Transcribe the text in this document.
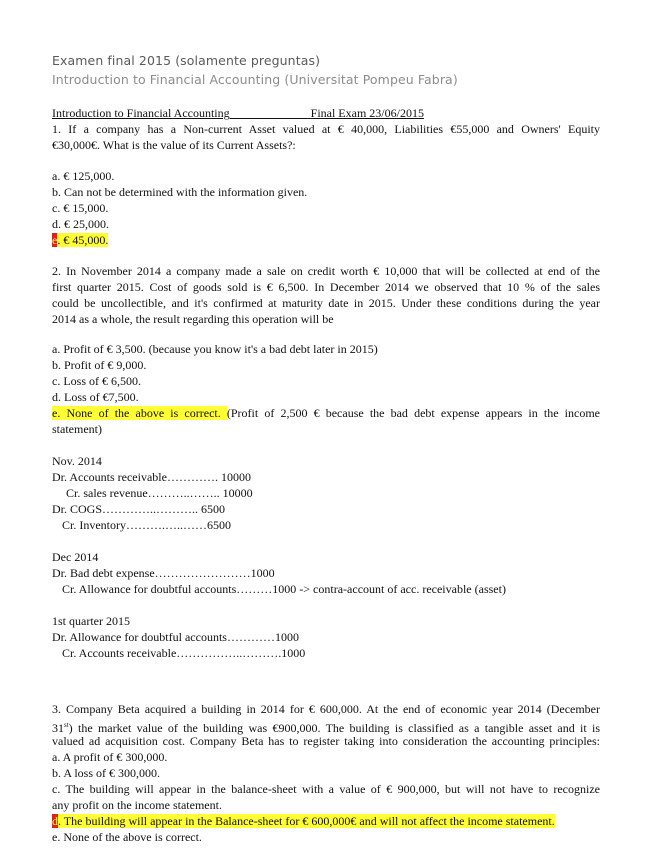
Examen final 2015 (solamente preguntas)
Introduction to Financial Accounting (Universitat Pompeu Fabra)
Introduction to Financial Accounting _______ _____ Final Exam 23/06/2015
1. If a company has a Non-current Asset valued at € 40,000, Liabilities €55,000 and Owners' Equity
€30,000€. What is the value of its Current Assets?:
a. € 125,000.
b. Can not be determined with the information given.
c. € 15,000.
d. € 25,000.
e. € 45,000.
2. In November 2014 a company made a sale on credit worth € 10,000 that will be collected at end of the
first quarter 2015. Cost of goods sold is € 6,500. In December 2014 we observed that 10 % of the sales
could be uncollectible, and it's confirmed at maturity date in 2015. Under these conditions during the year
2014 as a whole, the result regarding this operation will be
a. Profit of € 3,500. (because you know it's a bad debt later in 2015)
b. Profit of € 9,000.
c. Loss of € 6,500.
d. Loss of €7,500.
e. None of the above is correct. (Profit of 2,500 € because the bad debt expense appears in the income
statement)
Nov. 2014
Dr. Accounts receivable…………. 10000
Cr. sales revenue………..…….. 10000
Dr. COGS…………..……….. 6500
Cr. Inventory……….…..……6500
Dec 2014
Dr. Bad debt expense……………………1000
Cr. Allowance for doubtful accounts………1000 -> contra-account of acc. receivable (asset)
1st quarter 2015
Dr. Allowance for doubtful accounts…………1000
Cr. Accounts receivable……………..……….1000
3. Company Beta acquired a building in 2014 for € 600,000. At the end of economic year 2014 (December
31st) the market value of the building was €900,000. The building is classified as a tangible asset and it is
valued ad acquisition cost. Company Beta has to register taking into consideration the accounting principles:
a. A profit of € 300,000.
b. A loss of € 300,000.
c. The building will appear in the balance-sheet with a value of € 900,000, but will not have to recognize
any profit on the income statement.
d. The building will appear in the Balance-sheet for € 600,000€ and will not affect the income statement.
e. None of the above is correct.
